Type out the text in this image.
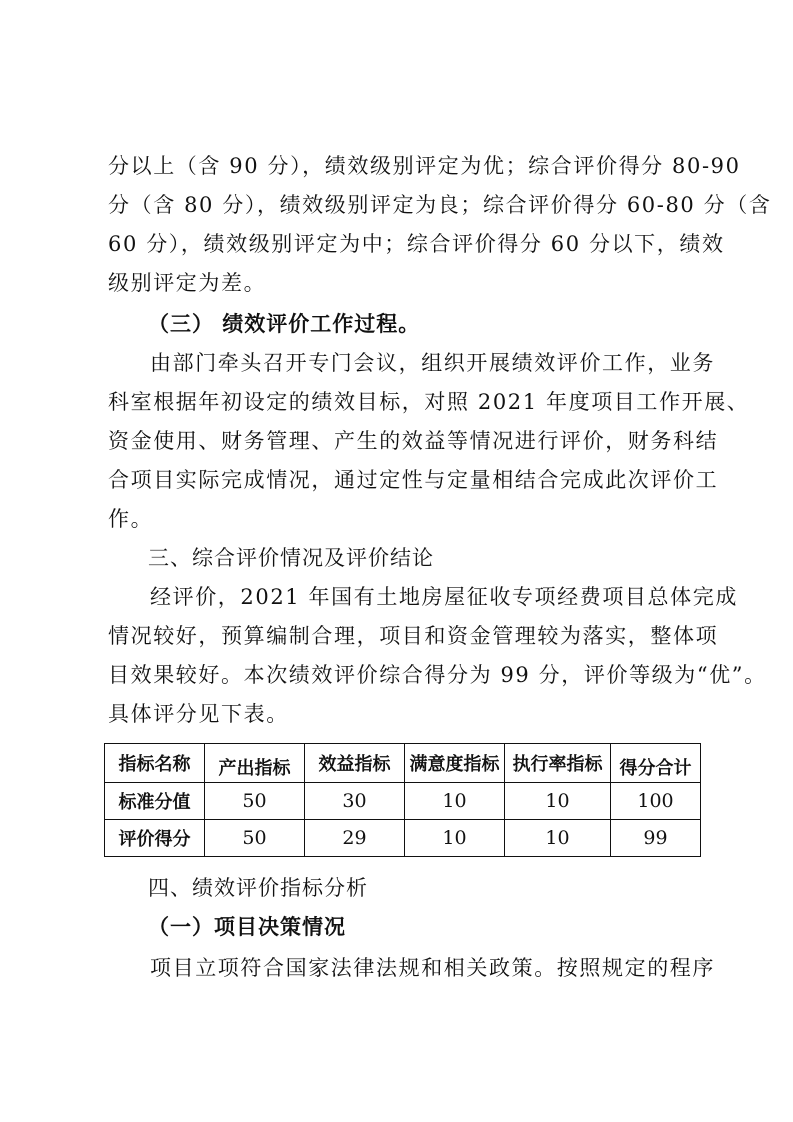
分以上（含 90 分），绩效级别评定为优；综合评价得分 80-90
分（含 80 分），绩效级别评定为良；综合评价得分 60-80 分（含
60 分），绩效级别评定为中；综合评价得分 60 分以下，绩效
级别评定为差。
（三） 绩效评价工作过程。
由部门牵头召开专门会议，组织开展绩效评价工作，业务
科室根据年初设定的绩效目标，对照 2021 年度项目工作开展、
资金使用、财务管理、产生的效益等情况进行评价，财务科结
合项目实际完成情况，通过定性与定量相结合完成此次评价工
作。
三、综合评价情况及评价结论
经评价，2021 年国有土地房屋征收专项经费项目总体完成
情况较好，预算编制合理，项目和资金管理较为落实，整体项
目效果较好。本次绩效评价综合得分为 99 分，评价等级为“优”。
具体评分见下表。
指标名称	产出指标	效益指标	满意度指标	执行率指标	得分合计
标准分值	50	30	10	10	100
评价得分	50	29	10	10	99
四、绩效评价指标分析
（一）项目决策情况
项目立项符合国家法律法规和相关政策。按照规定的程序
